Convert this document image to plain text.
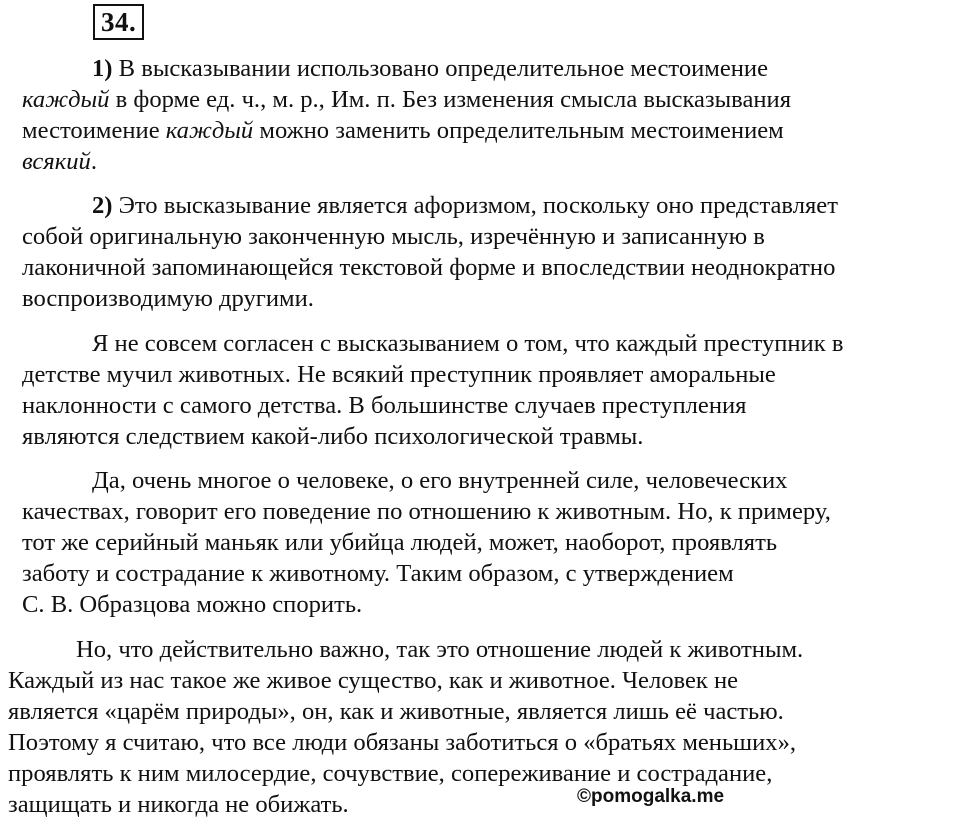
34.

1) В высказывании использовано определительное местоимение
каждый в форме ед. ч., м. р., Им. п. Без изменения смысла высказывания
местоимение каждый можно заменить определительным местоимением
всякий.

2) Это высказывание является афоризмом, поскольку оно представляет
собой оригинальную законченную мысль, изречённую и записанную в
лаконичной запоминающейся текстовой форме и впоследствии неоднократно
воспроизводимую другими.

Я не совсем согласен с высказыванием о том, что каждый преступник в
детстве мучил животных. Не всякий преступник проявляет аморальные
наклонности с самого детства. В большинстве случаев преступления
являются следствием какой-либо психологической травмы.

Да, очень многое о человеке, о его внутренней силе, человеческих
качествах, говорит его поведение по отношению к животным. Но, к примеру,
тот же серийный маньяк или убийца людей, может, наоборот, проявлять
заботу и сострадание к животному. Таким образом, с утверждением
С. В. Образцова можно спорить.

Но, что действительно важно, так это отношение людей к животным.
Каждый из нас такое же живое существо, как и животное. Человек не
является «царём природы», он, как и животные, является лишь её частью.
Поэтому я считаю, что все люди обязаны заботиться о «братьях меньших»,
проявлять к ним милосердие, сочувствие, сопереживание и сострадание,
защищать и никогда не обижать.	©pomogalka.me
